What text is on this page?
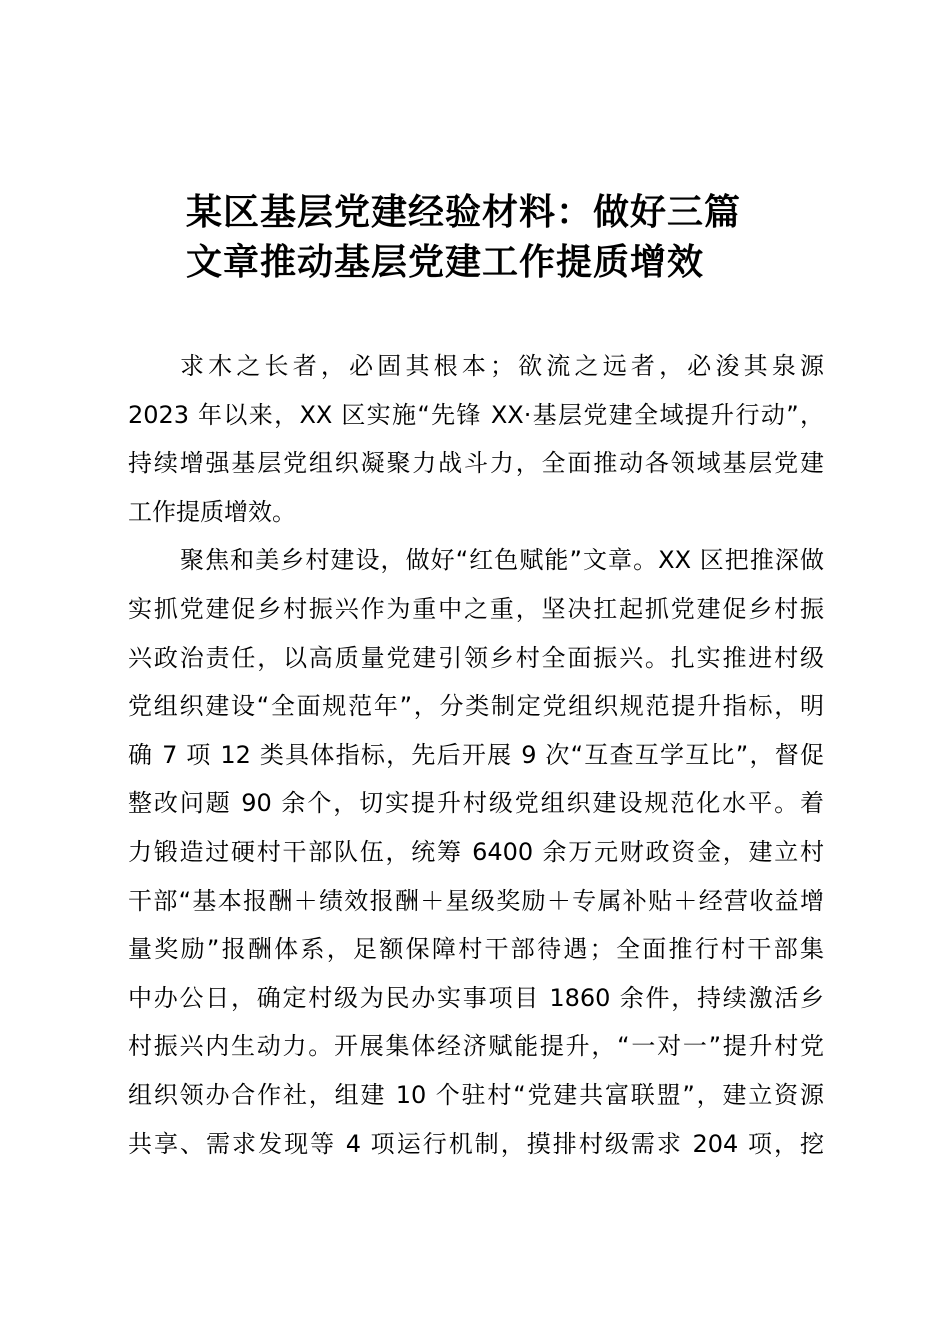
某区基层党建经验材料：做好三篇
文章推动基层党建工作提质增效

求木之长者，必固其根本；欲流之远者，必浚其泉源
2023 年以来，XX 区实施“先锋 XX·基层党建全域提升行动”，
持续增强基层党组织凝聚力战斗力，全面推动各领域基层党建
工作提质增效。

聚焦和美乡村建设，做好“红色赋能”文章。XX 区把推深做
实抓党建促乡村振兴作为重中之重，坚决扛起抓党建促乡村振
兴政治责任，以高质量党建引领乡村全面振兴。扎实推进村级
党组织建设“全面规范年”，分类制定党组织规范提升指标，明
确 7 项 12 类具体指标，先后开展 9 次“互查互学互比”，督促
整改问题 90 余个，切实提升村级党组织建设规范化水平。着
力锻造过硬村干部队伍，统筹 6400 余万元财政资金，建立村
干部“基本报酬＋绩效报酬＋星级奖励＋专属补贴＋经营收益增
量奖励”报酬体系，足额保障村干部待遇；全面推行村干部集
中办公日，确定村级为民办实事项目 1860 余件，持续激活乡
村振兴内生动力。开展集体经济赋能提升，“一对一”提升村党
组织领办合作社，组建 10 个驻村“党建共富联盟”，建立资源
共享、需求发现等 4 项运行机制，摸排村级需求 204 项，挖
